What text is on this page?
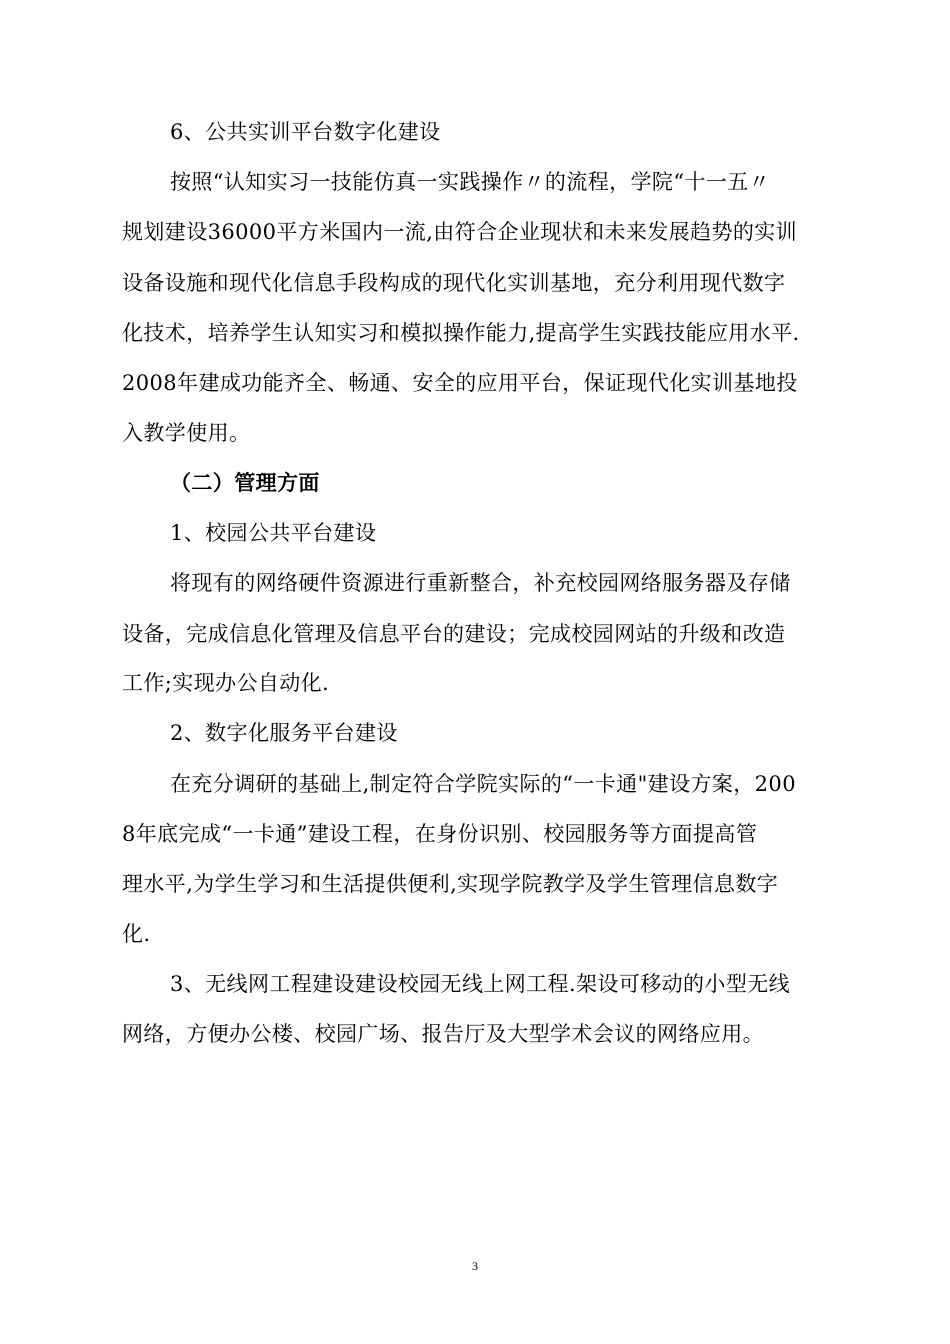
6、公共实训平台数字化建设
按照“认知实习一技能仿真一实践操作〃的流程，学院“十一五〃
规划建设36000平方米国内一流,由符合企业现状和未来发展趋势的实训
设备设施和现代化信息手段构成的现代化实训基地，充分利用现代数字
化技术，培养学生认知实习和模拟操作能力,提高学生实践技能应用水平.
2008年建成功能齐全、畅通、安全的应用平台，保证现代化实训基地投
入教学使用。
（二）管理方面
1、校园公共平台建设
将现有的网络硬件资源进行重新整合，补充校园网络服务器及存储
设备，完成信息化管理及信息平台的建设；完成校园网站的升级和改造
工作;实现办公自动化.
2、数字化服务平台建设
在充分调研的基础上,制定符合学院实际的“一卡通"建设方案，200
8年底完成“一卡通”建设工程，在身份识别、校园服务等方面提高管
理水平,为学生学习和生活提供便利,实现学院教学及学生管理信息数字
化.
3、无线网工程建设建设校园无线上网工程.架设可移动的小型无线
网络，方便办公楼、校园广场、报告厅及大型学术会议的网络应用。
3
